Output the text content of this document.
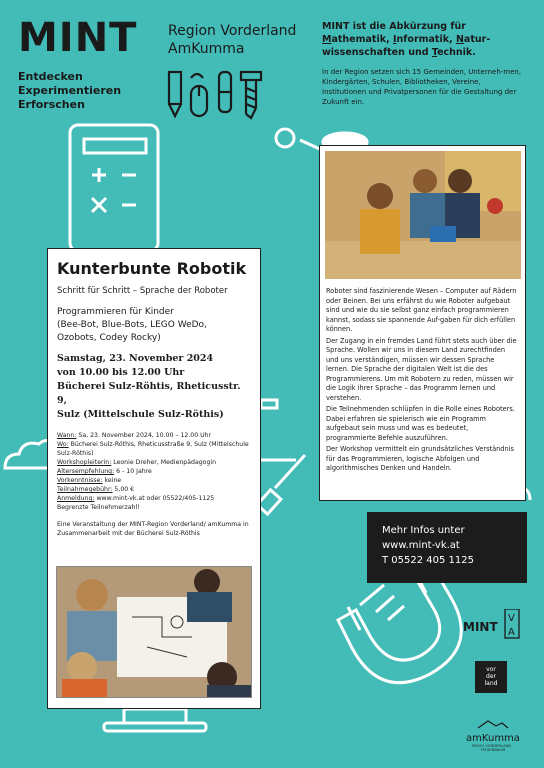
MINT
Entdecken
Experimentieren
Erforschen
Region Vorderland
AmKumma
MINT ist die Abkürzung für Mathematik, Informatik, Natur-wissenschaften und Technik.
In der Region setzen sich 15 Gemeinden, Unterneh-men, Kindergärten, Schulen, Bibliotheken, Vereine, Institutionen und Privatpersonen für die Gestaltung der Zukunft ein.
Kunterbunte Robotik
Schritt für Schritt – Sprache der Roboter
Programmieren für Kinder
(Bee-Bot, Blue-Bots, LEGO WeDo,
Ozobots, Codey Rocky)
Samstag, 23. November 2024
von 10.00 bis 12.00 Uhr
Bücherei Sulz-Röhtis, Rheticusstr. 9,
Sulz (Mittelschule Sulz-Röthis)
Wann: Sa, 23. November 2024, 10.00 – 12.00 Uhr
Wo: Bücherei Sulz-Röthis, Rheticusstraße 9, Sulz (Mittelschule Sulz-Röthis)
Workshopleiterin: Leonie Dreher, Medienpädagogin
Altersempfehlung: 6 - 10 Jahre
Vorkenntnisse: keine
Teilnahmegebühr: 5,00 €
Anmeldung: www.mint-vk.at oder 05522/405-1125
Begrenzte Teilnehmerzahl!
Eine Veranstaltung der MINT-Region Vorderland/ amKumma in Zusammenarbeit mit der Bücherei Sulz-Röthis

Roboter sind faszinierende Wesen – Computer auf Rädern oder Beinen. Bei uns erfährst du wie Roboter aufgebaut sind und wie du sie selbst ganz einfach programmieren kannst, sodass sie spannende Auf-gaben für dich erfüllen können.

Der Zugang in ein fremdes Land führt stets auch über die Sprache. Wollen wir uns in diesem Land zurechtfinden und uns verständigen, müssen wir dessen Sprache lernen. Die Sprache der digitalen Welt ist die des Programmierens. Um mit Robotern zu reden, müssen wir die Logik ihrer Sprache – das Programm lernen und verstehen.

Die Teilnehmenden schlüpfen in die Rolle eines Roboters. Dabei erfahren sie spielerisch wie ein Programm aufgebaut sein muss und was es bedeutet, programmierte Befehle auszuführen.

Der Workshop vermittelt ein grundsätzliches Verständnis für das Programmieren, logische Abfolgen und algorithmisches Denken und Handeln.

Mehr Infos unter
www.mint-vk.at
T 05522 405 1125
MINT
V
A
vor
der
land
amKumma
REGIO VORDERLAND · FEIGENBAUM
